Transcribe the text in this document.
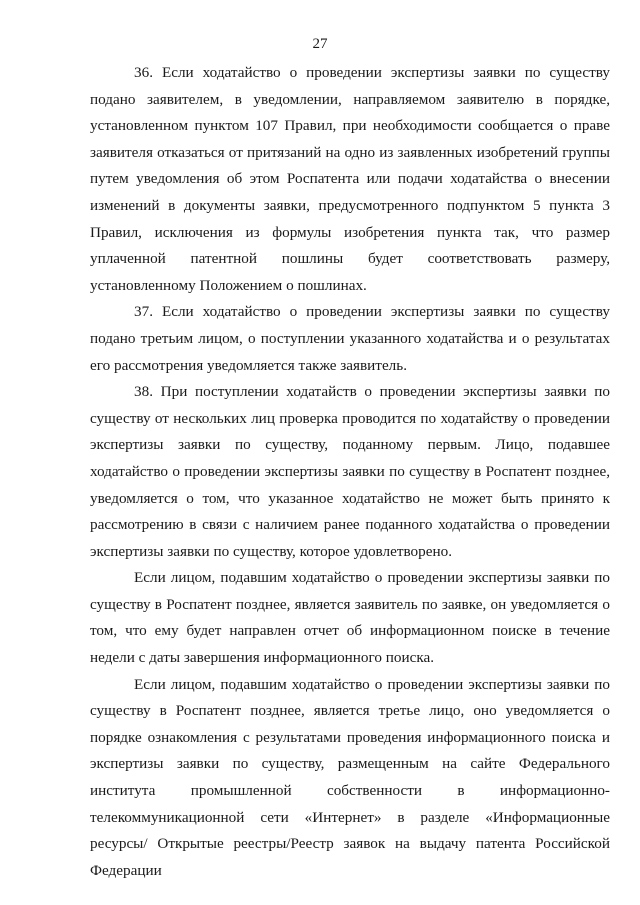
27

36. Если ходатайство о проведении экспертизы заявки по существу подано заявителем, в уведомлении, направляемом заявителю в порядке, установленном пунктом 107 Правил, при необходимости сообщается о праве заявителя отказаться от притязаний на одно из заявленных изобретений группы путем уведомления об этом Роспатента или подачи ходатайства о внесении изменений в документы заявки, предусмотренного подпунктом 5 пункта 3 Правил, исключения из формулы изобретения пункта так, что размер уплаченной патентной пошлины будет соответствовать размеру, установленному Положением о пошлинах.

37. Если ходатайство о проведении экспертизы заявки по существу подано третьим лицом, о поступлении указанного ходатайства и о результатах его рассмотрения уведомляется также заявитель.

38. При поступлении ходатайств о проведении экспертизы заявки по существу от нескольких лиц проверка проводится по ходатайству о проведении экспертизы заявки по существу, поданному первым. Лицо, подавшее ходатайство о проведении экспертизы заявки по существу в Роспатент позднее, уведомляется о том, что указанное ходатайство не может быть принято к рассмотрению в связи с наличием ранее поданного ходатайства о проведении экспертизы заявки по существу, которое удовлетворено.

Если лицом, подавшим ходатайство о проведении экспертизы заявки по существу в Роспатент позднее, является заявитель по заявке, он уведомляется о том, что ему будет направлен отчет об информационном поиске в течение недели с даты завершения информационного поиска.

Если лицом, подавшим ходатайство о проведении экспертизы заявки по существу в Роспатент позднее, является третье лицо, оно уведомляется о порядке ознакомления с результатами проведения информационного поиска и экспертизы заявки по существу, размещенным на сайте Федерального института промышленной собственности в информационно-телекоммуникационной сети «Интернет» в разделе «Информационные ресурсы/ Открытые реестры/Реестр заявок на выдачу патента Российской Федерации
